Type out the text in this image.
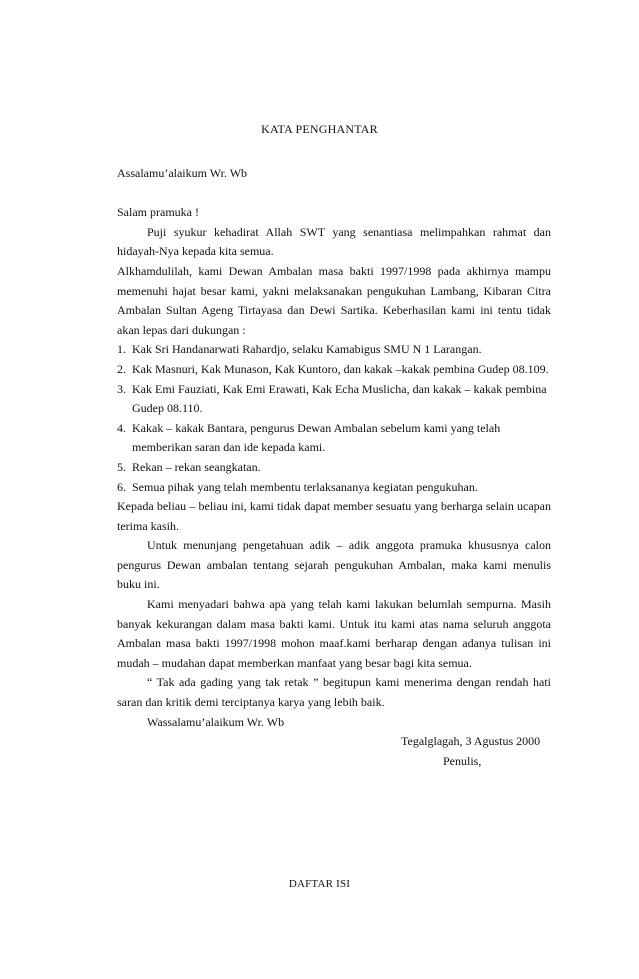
KATA PENGHANTAR

Assalamu’alaikum Wr. Wb

Salam pramuka !

Puji syukur kehadirat Allah SWT yang senantiasa melimpahkan rahmat dan hidayah-Nya kepada kita semua.

Alkhamdulilah, kami Dewan Ambalan masa bakti 1997/1998 pada akhirnya mampu memenuhi hajat besar kami, yakni melaksanakan pengukuhan Lambang, Kibaran Citra Ambalan Sultan Ageng Tirtayasa dan Dewi Sartika. Keberhasilan kami ini tentu tidak akan lepas dari dukungan :

1. Kak Sri Handanarwati Rahardjo, selaku Kamabigus SMU N 1 Larangan.
2. Kak Masnuri, Kak Munason, Kak Kuntoro, dan kakak –kakak pembina Gudep 08.109.
3. Kak Emi Fauziati, Kak Emi Erawati, Kak Echa Muslicha, dan kakak – kakak pembina Gudep 08.110.
4. Kakak – kakak Bantara, pengurus Dewan Ambalan sebelum kami yang telah memberikan saran dan ide kepada kami.
5. Rekan – rekan seangkatan.
6. Semua pihak yang telah membentu terlaksananya kegiatan pengukuhan.

Kepada beliau – beliau ini, kami tidak dapat member sesuatu yang berharga selain ucapan terima kasih.

Untuk menunjang pengetahuan adik – adik anggota pramuka khususnya calon pengurus Dewan ambalan tentang sejarah pengukuhan Ambalan, maka kami menulis buku ini.

Kami menyadari bahwa apa yang telah kami lakukan belumlah sempurna. Masih banyak kekurangan dalam masa bakti kami. Untuk itu kami atas nama seluruh anggota Ambalan masa bakti 1997/1998 mohon maaf.kami berharap dengan adanya tulisan ini mudah – mudahan dapat memberkan manfaat yang besar bagi kita semua.

“ Tak ada gading yang tak retak ” begitupun kami menerima dengan rendah hati saran dan kritik demi terciptanya karya yang lebih baik.

Wassalamu’alaikum Wr. Wb

Tegalglagah, 3 Agustus 2000

Penulis,

DAFTAR ISI
